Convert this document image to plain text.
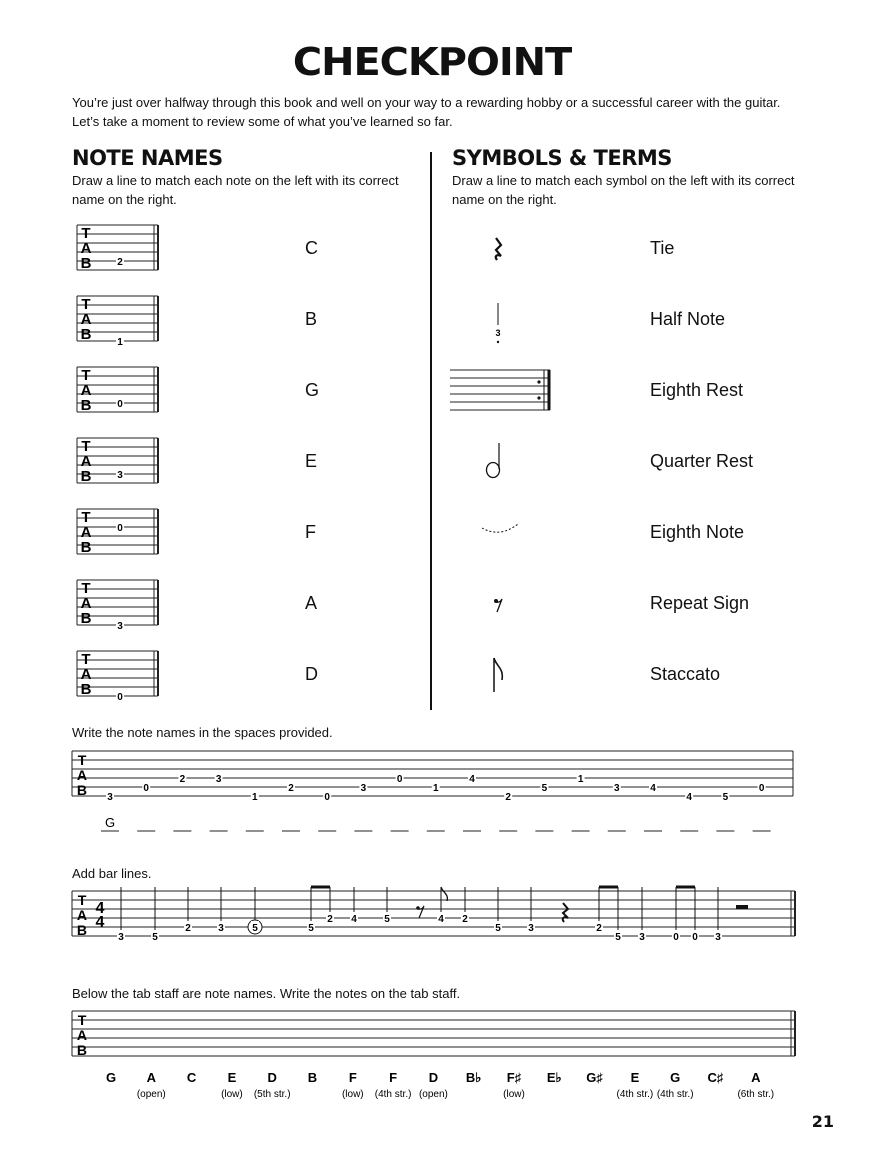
CHECKPOINT
You’re just over halfway through this book and well on your way to a rewarding hobby or a successful career with the guitar. Let’s take a moment to review some of what you’ve learned so far.
NOTE NAMES
Draw a line to match each note on the left with its correct name on the right.
T
A
B	2
C
T
A
B	1
B
T
A
B	0
G
T
A
B	3
E
T
A
B
0	F
T
A
B	3
A
T
A
B	0
D
SYMBOLS & TERMS
Draw a line to match each symbol on the left with its correct name on the right.
3
Tie
Half Note
Eighth Rest
Quarter Rest
Eighth Note
Repeat Sign
Staccato
Write the note names in the spaces provided.
T
A
B 3
0
2	3
1
2
0
3
0
1
4
2
5
1
3	4
4	5
0
G
Add bar lines.
T
A
B
4
4
3	5
2	3	5	5
2 4	5	4 2
5	3	2
5 3	0 0 3
Below the tab staff are note names. Write the notes on the tab staff.
T
A
B
G A
(open)
C E
(low)
D
(5th str.)
B F
(low)
F
(4th str.)
D
(open)
B♭ F♯
(low)
E♭ G♯ E
(4th str.)
G
(4th str.)
C♯ A
(6th str.)
21
